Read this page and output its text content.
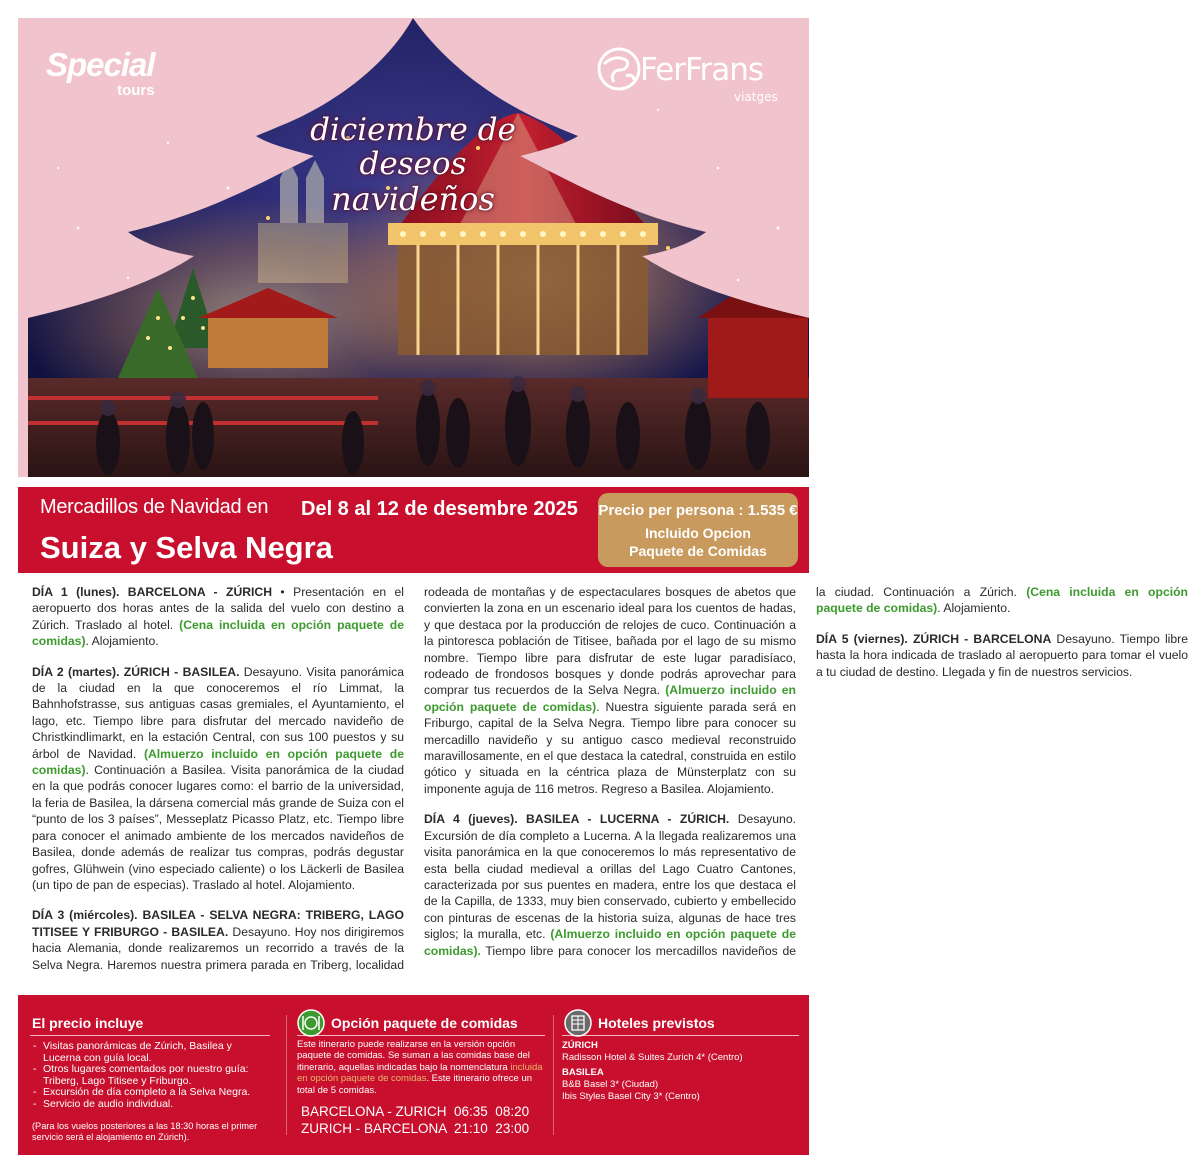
Special
tours
FerFrans
viatges
diciembre de deseos
navideños
Mercadillos de Navidad en
Suiza y Selva Negra
Del 8 al 12 de desembre 2025 Precio per persona : 1.535 €
Incluido Opcion
Paquete de Comidas

DÍA 1 (lunes). BARCELONA - ZÚRICH • Presentación en el aeropuerto dos horas antes de la salida del vuelo con destino a Zúrich. Traslado al hotel. (Cena incluida en opción paquete de comidas). Alojamiento.

DÍA 2 (martes). ZÚRICH - BASILEA. Desayuno. Visita panorámica de la ciudad en la que conoceremos el río Limmat, la Bahnhofstrasse, sus antiguas casas gremiales, el Ayuntamiento, el lago, etc. Tiempo libre para disfrutar del mercado navideño de Christkindlimarkt, en la estación Central, con sus 100 puestos y su árbol de Navidad. (Almuerzo incluido en opción paquete de comidas). Continuación a Basilea. Visita panorámica de la ciudad en la que podrás conocer lugares como: el barrio de la universidad, la feria de Basilea, la dársena comercial más grande de Suiza con el “punto de los 3 países”, Messeplatz Picasso Platz, etc. Tiempo libre para conocer el animado ambiente de los mercados navideños de Basilea, donde además de realizar tus compras, podrás degustar gofres, Glühwein (vino especiado caliente) o los Läckerli de Basilea (un tipo de pan de especias). Traslado al hotel. Alojamiento.

DÍA 3 (miércoles). BASILEA - SELVA NEGRA: TRIBERG, LAGO TITISEE Y FRIBURGO - BASILEA. Desayuno. Hoy nos dirigiremos hacia Alemania, donde realizaremos un recorrido a través de la Selva Negra. Haremos nuestra primera parada en Triberg, localidad rodeada de montañas y de espectaculares bosques de abetos que convierten la zona en un escenario ideal para los cuentos de hadas, y que destaca por la producción de relojes de cuco. Continuación a la pintoresca población de Titisee, bañada por el lago de su mismo nombre. Tiempo libre para disfrutar de este lugar paradisíaco, rodeado de frondosos bosques y donde podrás aprovechar para comprar tus recuerdos de la Selva Negra. (Almuerzo incluido en opción paquete de comidas). Nuestra siguiente parada será en Friburgo, capital de la Selva Negra. Tiempo libre para conocer su mercadillo navideño y su antiguo casco medieval reconstruido maravillosamente, en el que destaca la catedral, construida en estilo gótico y situada en la céntrica plaza de Münsterplatz con su imponente aguja de 116 metros. Regreso a Basilea. Alojamiento.

DÍA 4 (jueves). BASILEA - LUCERNA - ZÚRICH. Desayuno. Excursión de día completo a Lucerna. A la llegada realizaremos una visita panorámica en la que conoceremos lo más representativo de esta bella ciudad medieval a orillas del Lago Cuatro Cantones, caracterizada por sus puentes en madera, entre los que destaca el de la Capilla, de 1333, muy bien conservado, cubierto y embellecido con pinturas de escenas de la historia suiza, algunas de hace tres siglos; la muralla, etc. (Almuerzo incluido en opción paquete de comidas). Tiempo libre para conocer los mercadillos navideños de la ciudad. Continuación a Zúrich. (Cena incluida en opción paquete de comidas). Alojamiento.

DÍA 5 (viernes). ZÚRICH - BARCELONA Desayuno. Tiempo libre hasta la hora indicada de traslado al aeropuerto para tomar el vuelo a tu ciudad de destino. Llegada y fin de nuestros servicios.

El precio incluye
- Visitas panorámicas de Zúrich, Basilea y Lucerna con guía local.
- Otros lugares comentados por nuestro guía: Triberg, Lago Titisee y Friburgo.
- Excursión de día completo a la Selva Negra.
- Servicio de audio individual.
(Para los vuelos posteriores a las 18:30 horas el primer servicio será el alojamiento en Zúrich).
Opción paquete de comidas
Este itinerario puede realizarse en la versión opción paquete de comidas. Se suman a las comidas base del itinerario, aquellas indicadas bajo la nomenclatura incluida en opción paquete de comidas. Este itinerario ofrece un total de 5 comidas.
BARCELONA - ZURICH  06:35  08:20
ZURICH - BARCELONA  21:10  23:00
Hoteles previstos
ZÚRICH
Radisson Hotel & Suites Zurich 4* (Centro)
BASILEA
B&B Basel 3* (Ciudad)
Ibis Styles Basel City 3* (Centro)
